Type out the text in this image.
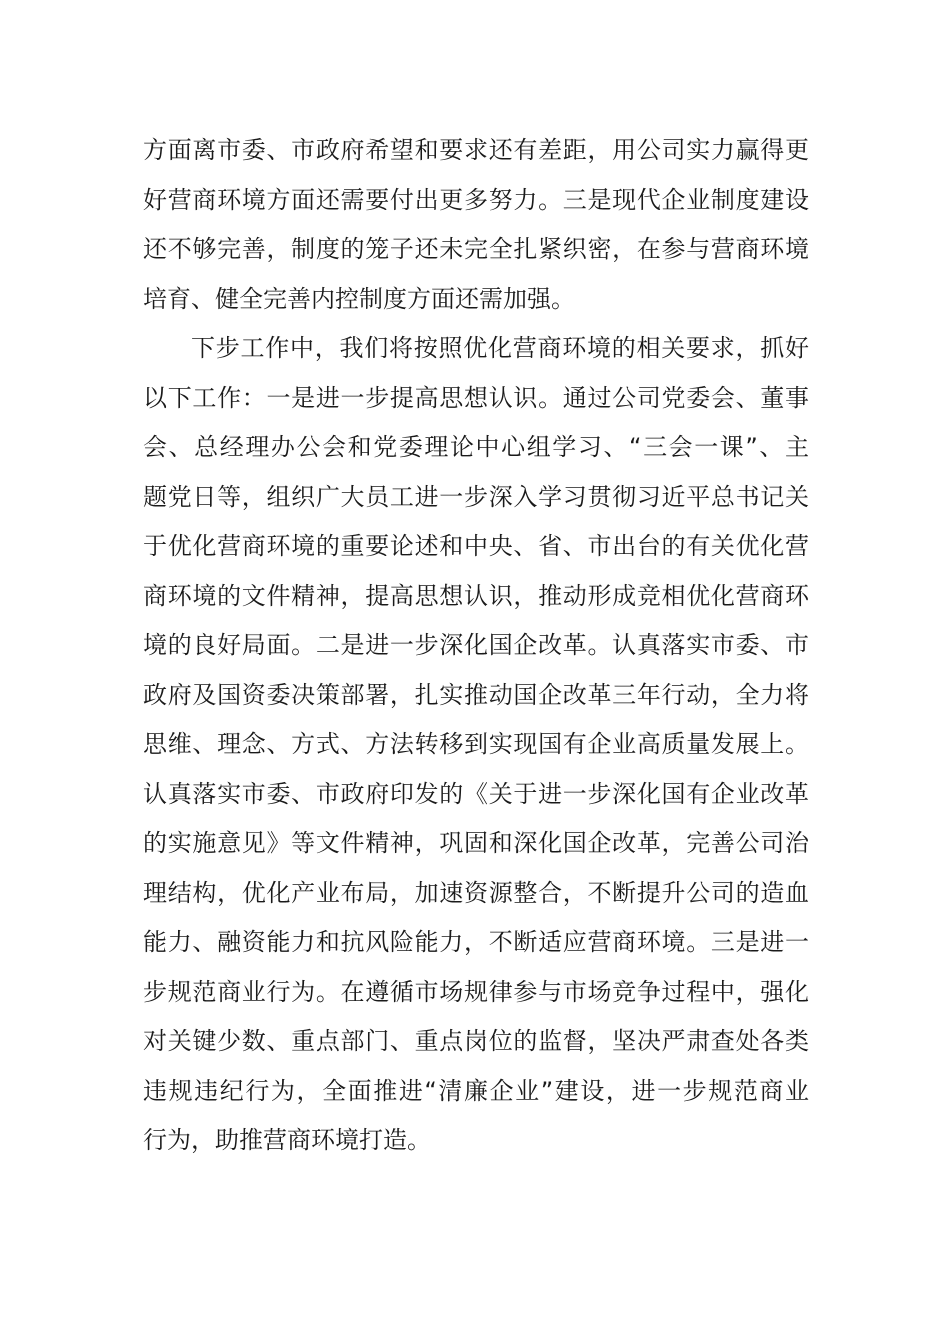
方面离市委、市政府希望和要求还有差距，用公司实力赢得更
好营商环境方面还需要付出更多努力。三是现代企业制度建设
还不够完善，制度的笼子还未完全扎紧织密，在参与营商环境
培育、健全完善内控制度方面还需加强。
下步工作中，我们将按照优化营商环境的相关要求，抓好
以下工作：一是进一步提高思想认识。通过公司党委会、董事
会、总经理办公会和党委理论中心组学习、“三会一课”、主
题党日等，组织广大员工进一步深入学习贯彻习近平总书记关
于优化营商环境的重要论述和中央、省、市出台的有关优化营
商环境的文件精神，提高思想认识，推动形成竞相优化营商环
境的良好局面。二是进一步深化国企改革。认真落实市委、市
政府及国资委决策部署，扎实推动国企改革三年行动，全力将
思维、理念、方式、方法转移到实现国有企业高质量发展上。
认真落实市委、市政府印发的《关于进一步深化国有企业改革
的实施意见》等文件精神，巩固和深化国企改革，完善公司治
理结构，优化产业布局，加速资源整合，不断提升公司的造血
能力、融资能力和抗风险能力，不断适应营商环境。三是进一
步规范商业行为。在遵循市场规律参与市场竞争过程中，强化
对关键少数、重点部门、重点岗位的监督，坚决严肃查处各类
违规违纪行为，全面推进“清廉企业”建设，进一步规范商业
行为，助推营商环境打造。
